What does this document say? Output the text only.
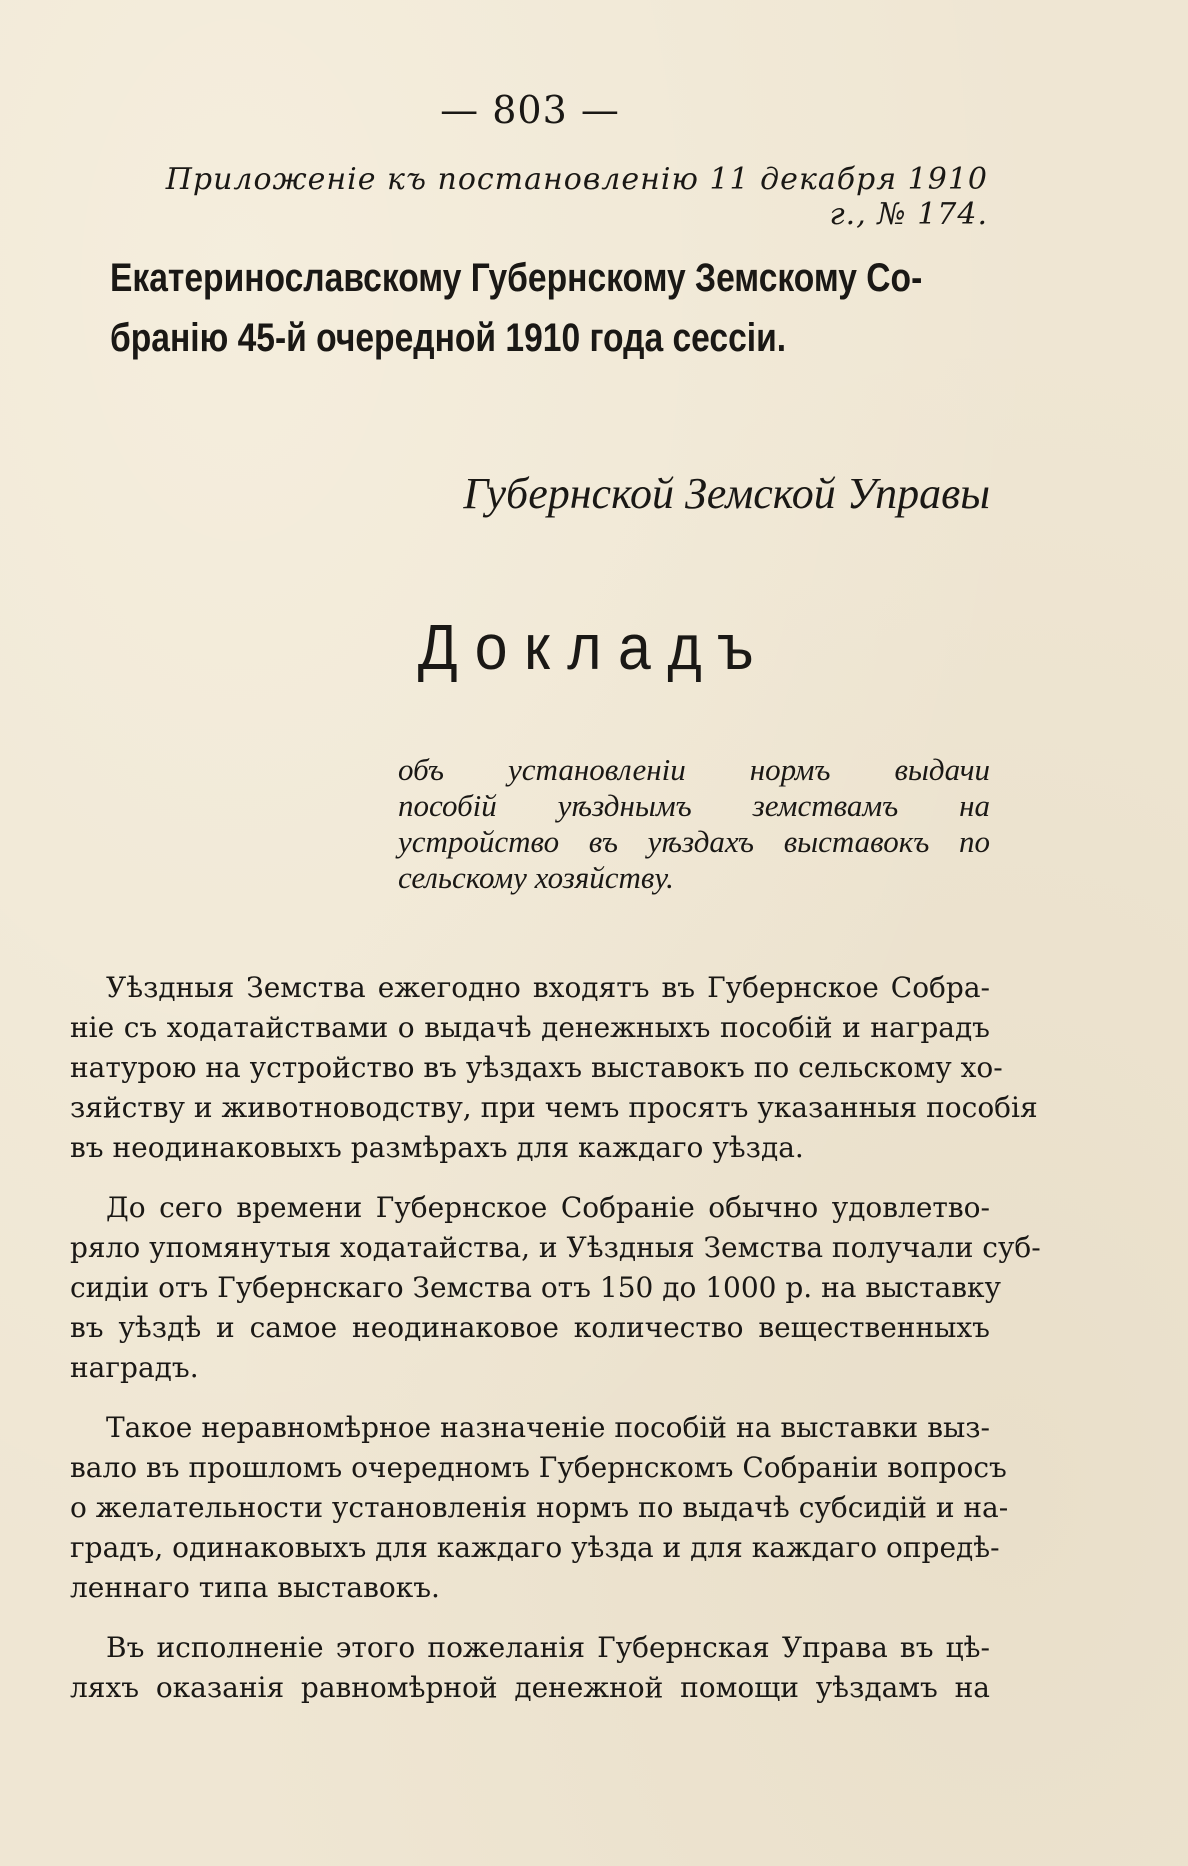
— 803 —
Приложеніе къ постановленію 11 декабря 1910 г., № 174.
Екатеринославскому Губернскому Земскому Со-
бранію 45-й очередной 1910 года сессіи.
Губернской Земской Управы
Докладъ
объ установленіи нормъ выдачи
пособій уѣзднымъ земствамъ на
устройство въ уѣздахъ выставокъ по
сельскому хозяйству.
Уѣздныя Земства ежегодно входятъ въ Губернское Собра-
ніе съ ходатайствами о выдачѣ денежныхъ пособій и наградъ
натурою на устройство въ уѣздахъ выставокъ по сельскому хо-
зяйству и животноводству, при чемъ просятъ указанныя пособія
въ неодинаковыхъ размѣрахъ для каждаго уѣзда.
До сего времени Губернское Собраніе обычно удовлетво-
ряло упомянутыя ходатайства, и Уѣздныя Земства получали суб-
сидіи отъ Губернскаго Земства отъ 150 до 1000 р. на выставку
въ уѣздѣ и самое неодинаковое количество вещественныхъ
наградъ.
Такое неравномѣрное назначеніе пособій на выставки выз-
вало въ прошломъ очередномъ Губернскомъ Собраніи вопросъ
о желательности установленія нормъ по выдачѣ субсидій и на-
градъ, одинаковыхъ для каждаго уѣзда и для каждаго опредѣ-
леннаго типа выставокъ.
Въ исполненіе этого пожеланія Губернская Управа въ цѣ-
ляхъ оказанія равномѣрной денежной помощи уѣздамъ на
